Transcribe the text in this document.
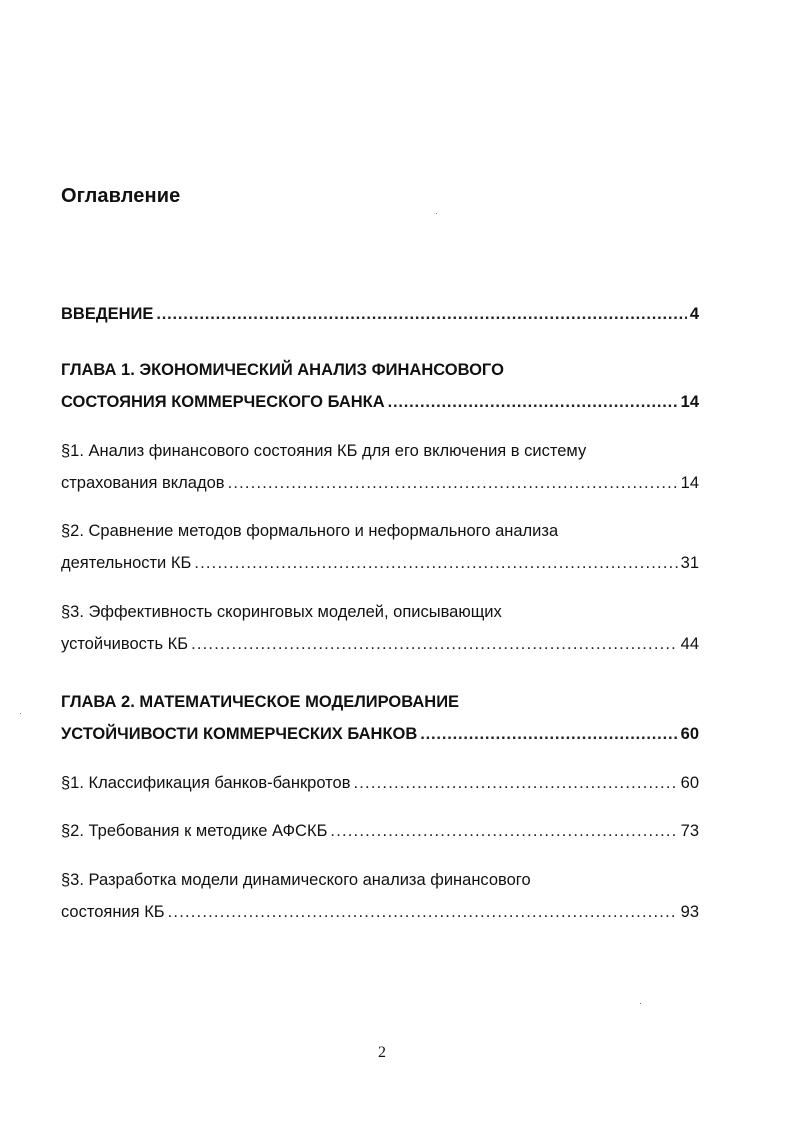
Оглавление
ВВЕДЕНИЕ .....	4
ГЛАВА 1. ЭКОНОМИЧЕСКИЙ АНАЛИЗ ФИНАНСОВОГО
СОСТОЯНИЯ КОММЕРЧЕСКОГО БАНКА .....	14
§1. Анализ финансового состояния КБ для его включения в систему
страхования вкладов .....	14
§2. Сравнение методов формального и неформального анализа
деятельности КБ .....	31
§3. Эффективность скоринговых моделей, описывающих
устойчивость КБ .....	44
ГЛАВА 2. МАТЕМАТИЧЕСКОЕ МОДЕЛИРОВАНИЕ
УСТОЙЧИВОСТИ КОММЕРЧЕСКИХ БАНКОВ .....	60
§1. Классификация банков-банкротов .....	60
§2. Требования к методике АФСКБ .....	73
§3. Разработка модели динамического анализа финансового
состояния КБ .....	93
2
